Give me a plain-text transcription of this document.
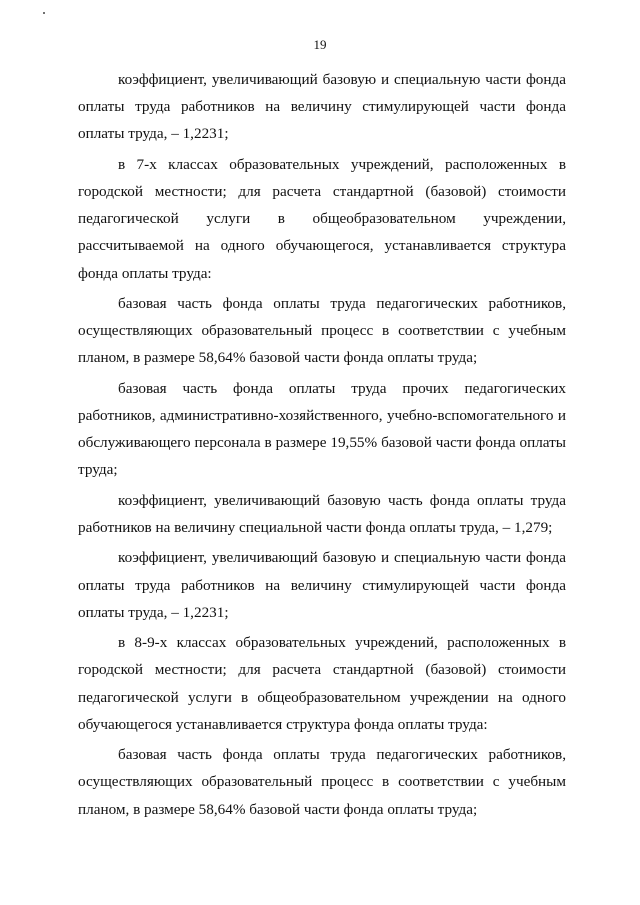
19

коэффициент, увеличивающий базовую и специальную части фонда оплаты труда работников на величину стимулирующей части фонда оплаты труда, – 1,2231;

в 7-х классах образовательных учреждений, расположенных в городской местности; для расчета стандартной (базовой) стоимости педагогической услуги в общеобразовательном учреждении, рассчитываемой на одного обучающегося, устанавливается структура фонда оплаты труда:

базовая часть фонда оплаты труда педагогических работников, осуществляющих образовательный процесс в соответствии с учебным планом, в размере 58,64% базовой части фонда оплаты труда;

базовая часть фонда оплаты труда прочих педагогических работников, административно-хозяйственного, учебно-вспомогательного и обслуживающего персонала в размере 19,55% базовой части фонда оплаты труда;

коэффициент, увеличивающий базовую часть фонда оплаты труда работников на величину специальной части фонда оплаты труда, – 1,279;

коэффициент, увеличивающий базовую и специальную части фонда оплаты труда работников на величину стимулирующей части фонда оплаты труда, – 1,2231;

в 8-9-х классах образовательных учреждений, расположенных в городской местности; для расчета стандартной (базовой) стоимости педагогической услуги в общеобразовательном учреждении на одного обучающегося устанавливается структура фонда оплаты труда:

базовая часть фонда оплаты труда педагогических работников, осуществляющих образовательный процесс в соответствии с учебным планом, в размере 58,64% базовой части фонда оплаты труда;
